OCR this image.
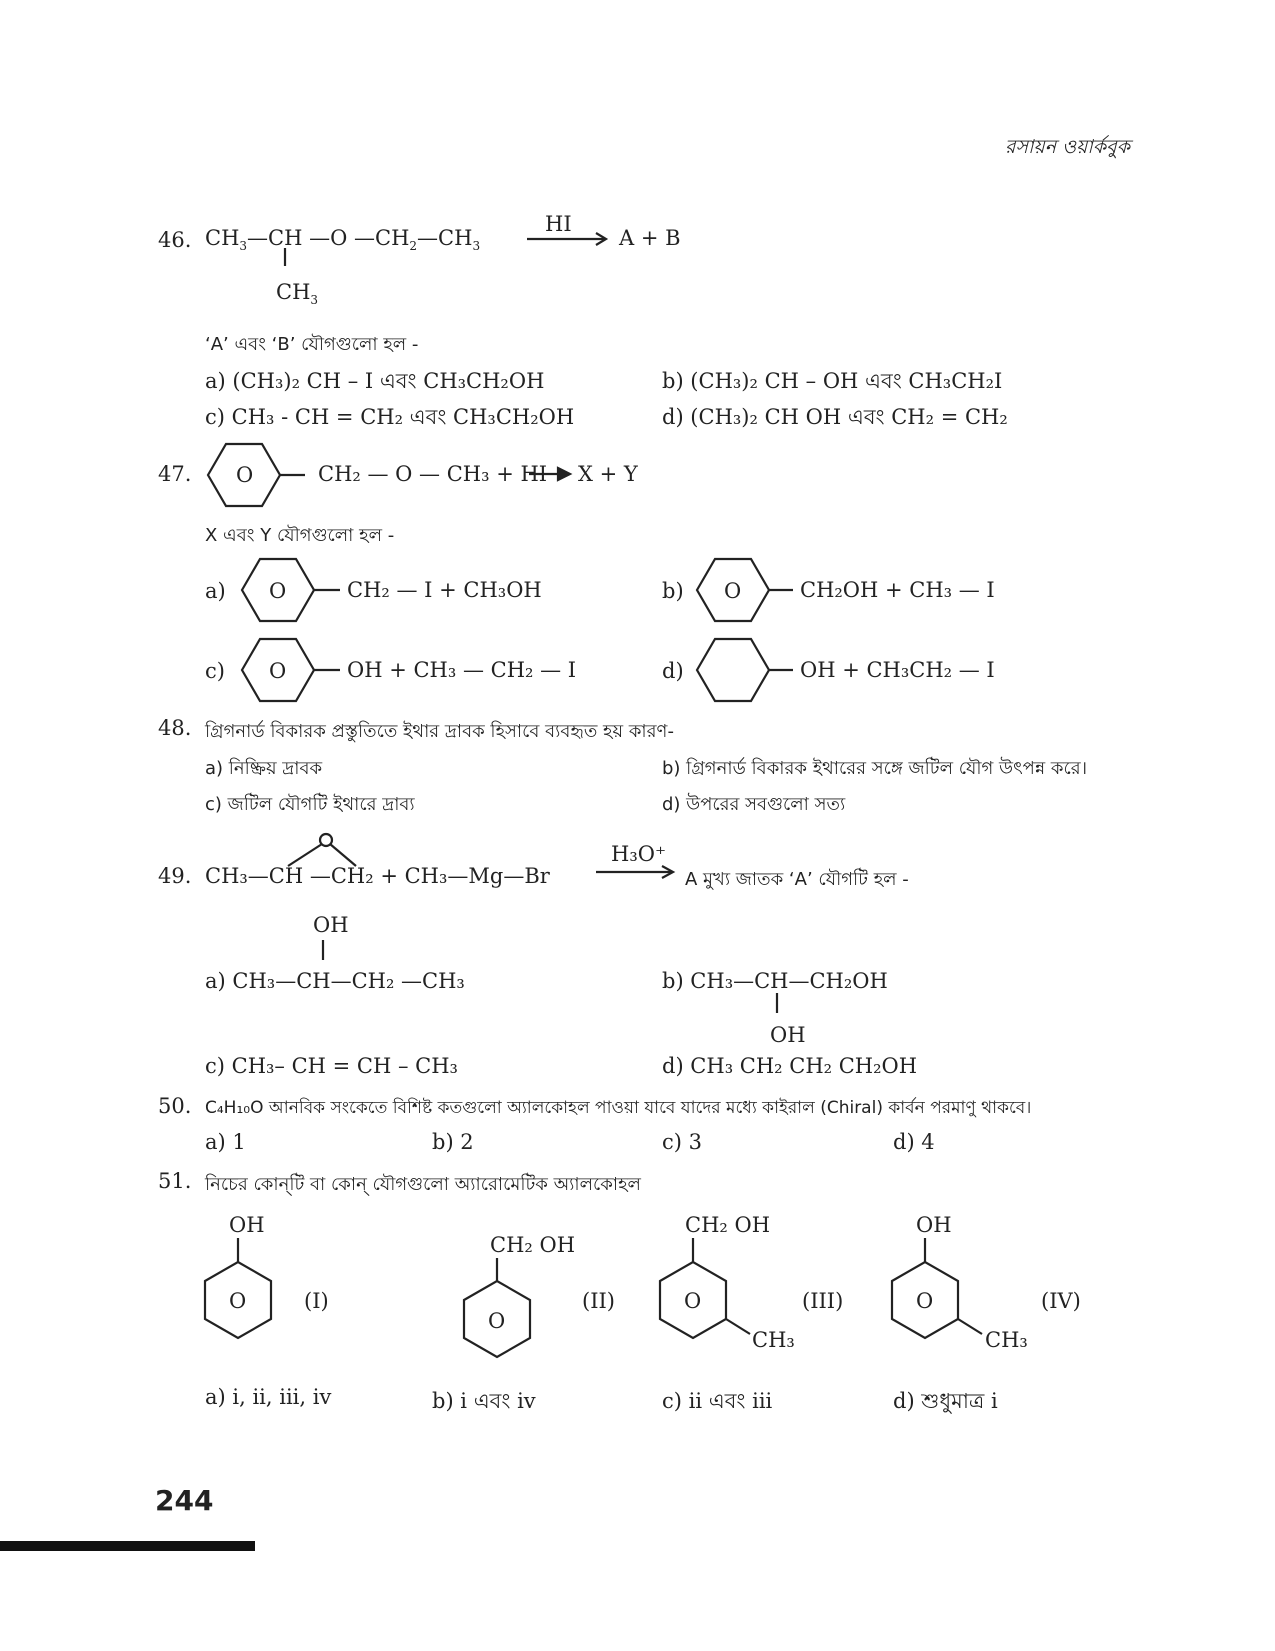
রসায়ন ওয়ার্কবুক
46. $CH_3—CH$ —O $—CH_2—CH_3$
HI
A + B
$CH_3$
‘A’ এবং ‘B’ যৌগগুলো হল -
a) (CH₃)₂ CH – I এবং CH₃CH₂OH	b) (CH₃)₂ CH – OH এবং CH₃CH₂I
c) CH₃ - CH = CH₂ এবং CH₃CH₂OH	d) (CH₃)₂ CH OH এবং CH₂ = CH₂
47. O	CH₂ — O — CH₃ + HI X + Y
X এবং Y যৌগগুলো হল -
a) O	CH₂ — I + CH₃OH	b) O	CH₂OH + CH₃ — I
c) O	OH + CH₃ — CH₂ — I	d)	OH + CH₃CH₂ — I
48. গ্রিগনার্ড বিকারক প্রস্তুতিতে ইথার দ্রাবক হিসাবে ব্যবহৃত হয় কারণ-
a) নিষ্ক্রিয় দ্রাবক	b) গ্রিগনার্ড বিকারক ইথারের সঙ্গে জটিল যৌগ উৎপন্ন করে।
c) জটিল যৌগটি ইথারে দ্রাব্য	d) উপরের সবগুলো সত্য
49. CH₃—CH —CH₂ + CH₃—Mg—Br
H₃O⁺
A মুখ্য জাতক ‘A’ যৌগটি হল -
OH
a) CH₃—CH—CH₂ —CH₃	b) CH₃—CH—CH₂OH
OH
c) CH₃– CH = CH – CH₃	d) CH₃ CH₂ CH₂ CH₂OH
50. C₄H₁₀O আনবিক সংকেতে বিশিষ্ট কতগুলো অ্যালকোহল পাওয়া যাবে যাদের মধ্যে কাইরাল (Chiral) কার্বন পরমাণু থাকবে।
a) 1	b) 2	c) 3	d) 4
51. নিচের কোন্‌টি বা কোন্‌ যৌগগুলো অ্যারোমেটিক অ্যালকোহল
OH
O	(I)
CH₂ OH
O
(II)
CH₂ OH
O
CH₃
(III)
OH
O
CH₃
(IV)
a) i, ii, iii, iv	b) i এবং iv	c) ii এবং iii	d) শুধুমাত্র i
244
